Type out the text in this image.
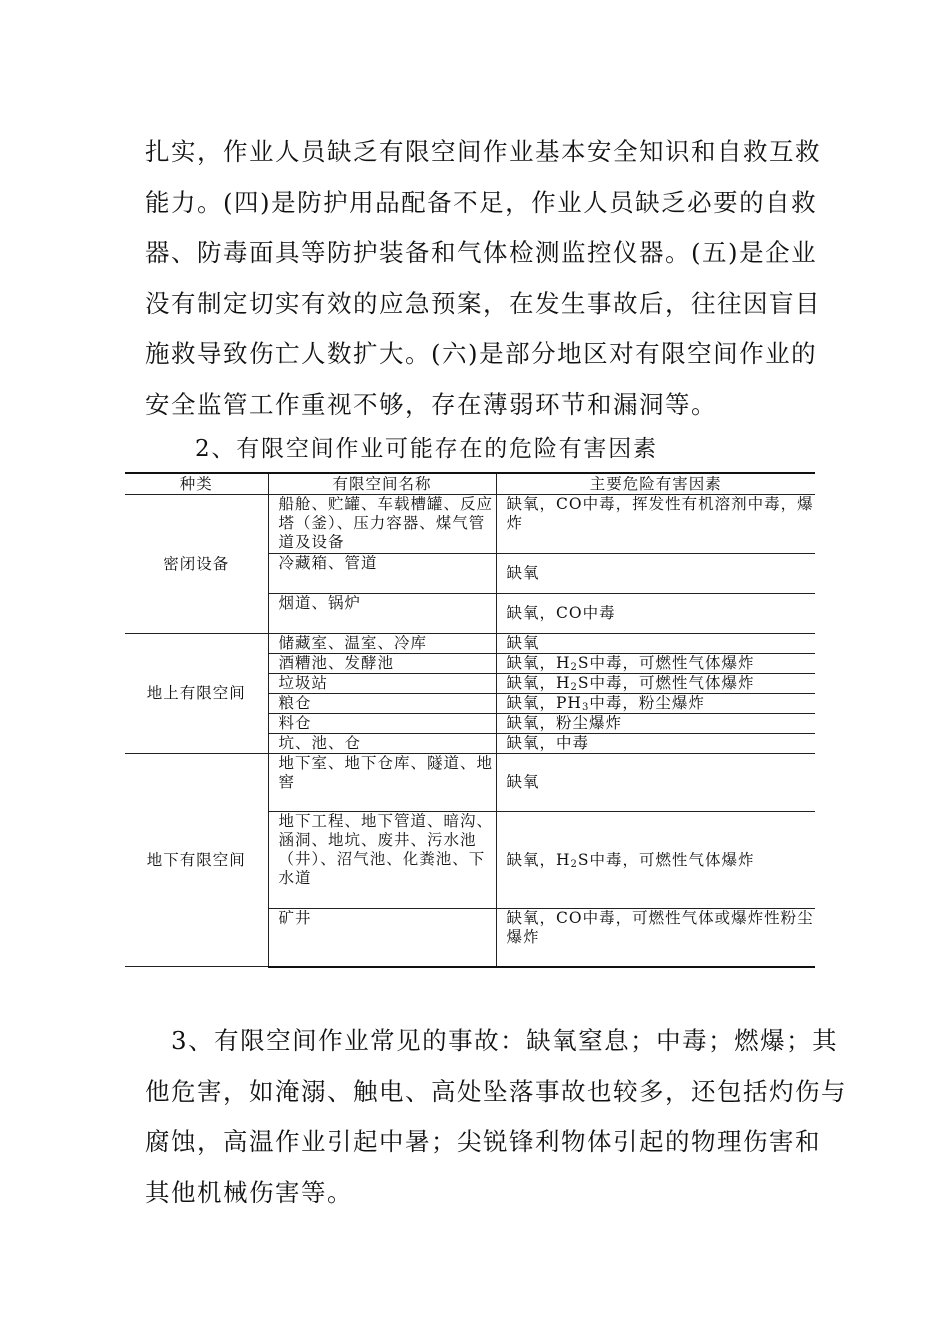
扎实，作业人员缺乏有限空间作业基本安全知识和自救互救
能力。(四)是防护用品配备不足，作业人员缺乏必要的自救
器、防毒面具等防护装备和气体检测监控仪器。(五)是企业
没有制定切实有效的应急预案，在发生事故后，往往因盲目
施救导致伤亡人数扩大。(六)是部分地区对有限空间作业的
安全监管工作重视不够，存在薄弱环节和漏洞等。
2、有限空间作业可能存在的危险有害因素
种类	有限空间名称	主要危险有害因素
密闭设备	船舱、贮罐、车载槽罐、反应塔（釜）、压力容器、煤气管道及设备	缺氧，CO中毒，挥发性有机溶剂中毒，爆炸
	冷藏箱、管道	缺氧
	烟道、锅炉	缺氧，CO中毒
地上有限空间	储藏室、温室、冷库	缺氧
	酒糟池、发酵池	缺氧，$H_2S$中毒，可燃性气体爆炸
	垃圾站	缺氧，$H_2S$中毒，可燃性气体爆炸
	粮仓	缺氧，$PH_3$中毒，粉尘爆炸
	料仓	缺氧，粉尘爆炸
	坑、池、仓	缺氧，中毒
地下有限空间	地下室、地下仓库、隧道、地窖	缺氧
	地下工程、地下管道、暗沟、涵洞、地坑、废井、污水池（井）、沼气池、化粪池、下水道	缺氧，$H_2S$中毒，可燃性气体爆炸
	矿井	缺氧，CO中毒，可燃性气体或爆炸性粉尘爆炸
　3、有限空间作业常见的事故：缺氧窒息；中毒；燃爆；其
他危害，如淹溺、触电、高处坠落事故也较多，还包括灼伤与
腐蚀，高温作业引起中暑；尖锐锋利物体引起的物理伤害和
其他机械伤害等。
